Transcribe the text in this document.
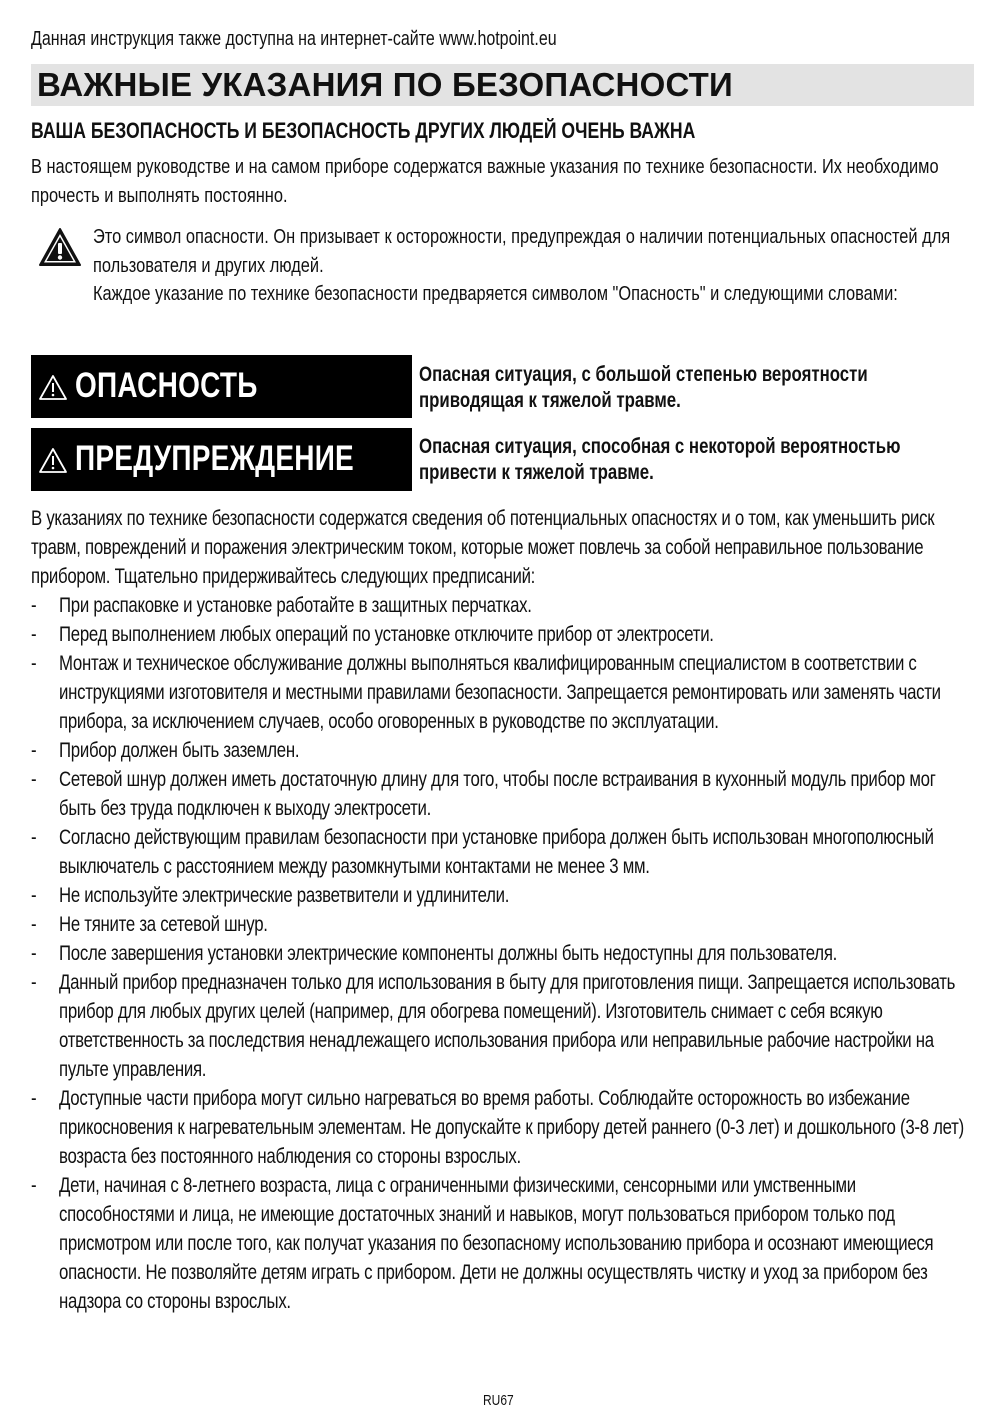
Данная инструкция также доступна на интернет-сайте www.hotpoint.eu
ВАЖНЫЕ УКАЗАНИЯ ПО БЕЗОПАСНОСТИ
ВАША БЕЗОПАСНОСТЬ И БЕЗОПАСНОСТЬ ДРУГИХ ЛЮДЕЙ ОЧЕНЬ ВАЖНА
В настоящем руководстве и на самом приборе содержатся важные указания по технике безопасности. Их необходимо прочесть и выполнять постоянно.

Это символ опасности. Он призывает к осторожности, предупреждая о наличии потенциальных опасностей для пользователя и других людей.

Каждое указание по технике безопасности предваряется символом "Опасность" и следующими словами:

ОПАСНОСТЬ	Опасная ситуация, с большой степенью вероятности приводящая к тяжелой травме.
ПРЕДУПРЕЖДЕНИЕ	Опасная ситуация, способная с некоторой вероятностью привести к тяжелой травме.

В указаниях по технике безопасности содержатся сведения об потенциальных опасностях и о том, как уменьшить риск травм, повреждений и поражения электрическим током, которые может повлечь за собой неправильное пользование прибором. Тщательно придерживайтесь следующих предписаний:

- При распаковке и установке работайте в защитных перчатках.
- Перед выполнением любых операций по установке отключите прибор от электросети.
- Монтаж и техническое обслуживание должны выполняться квалифицированным специалистом в соответствии с инструкциями изготовителя и местными правилами безопасности. Запрещается ремонтировать или заменять части прибора, за исключением случаев, особо оговоренных в руководстве по эксплуатации.
- Прибор должен быть заземлен.
- Сетевой шнур должен иметь достаточную длину для того, чтобы после встраивания в кухонный модуль прибор мог быть без труда подключен к выходу электросети.
- Согласно действующим правилам безопасности при установке прибора должен быть использован многополюсный выключатель с расстоянием между разомкнутыми контактами не менее 3 мм.
- Не используйте электрические разветвители и удлинители.
- Не тяните за сетевой шнур.
- После завершения установки электрические компоненты должны быть недоступны для пользователя.
- Данный прибор предназначен только для использования в быту для приготовления пищи. Запрещается использовать прибор для любых других целей (например, для обогрева помещений). Изготовитель снимает с себя всякую ответственность за последствия ненадлежащего использования прибора или неправильные рабочие настройки на пульте управления.
- Доступные части прибора могут сильно нагреваться во время работы. Соблюдайте осторожность во избежание прикосновения к нагревательным элементам. Не допускайте к прибору детей раннего (0-3 лет) и дошкольного (3-8 лет) возраста без постоянного наблюдения со стороны взрослых.
- Дети, начиная с 8-летнего возраста, лица с ограниченными физическими, сенсорными или умственными способностями и лица, не имеющие достаточных знаний и навыков, могут пользоваться прибором только под присмотром или после того, как получат указания по безопасному использованию прибора и осознают имеющиеся опасности. Не позволяйте детям играть с прибором. Дети не должны осуществлять чистку и уход за прибором без надзора со стороны взрослых.
RU67
